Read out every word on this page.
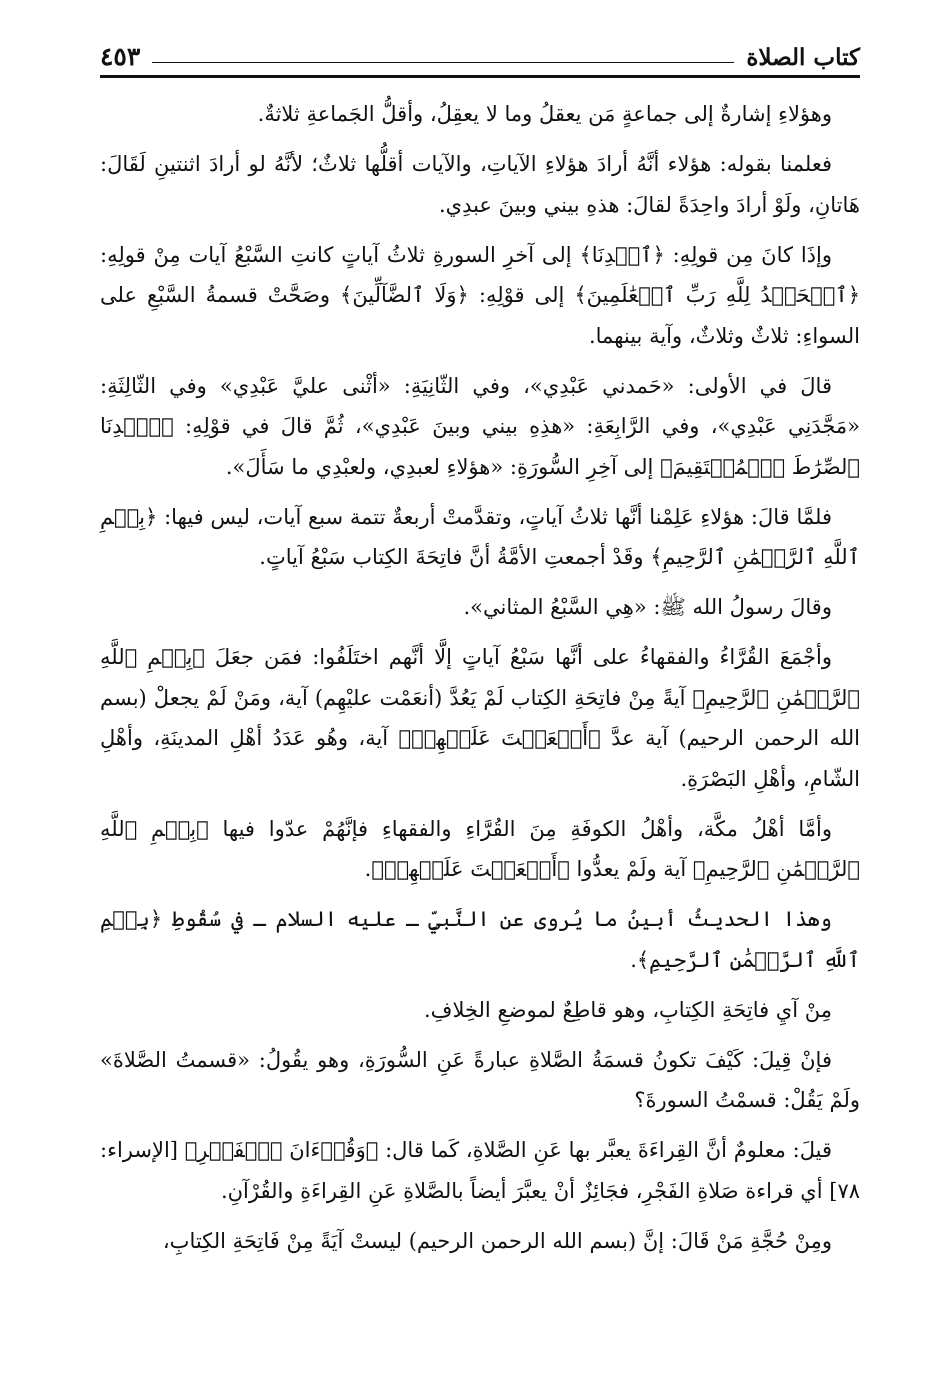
كتاب الصلاة
٤٥٣

وهؤلاءِ إشارةٌ إلى جماعةٍ مَن يعقلُ وما لا يعقِلُ، وأقلُّ الجَماعةِ ثلاثةٌ.

فعلمنا بقوله: هؤلاء أنَّهُ أرادَ هؤلاءِ الآياتِ، والآيات أقلُّها ثلاثٌ؛ لأنَّهُ لو أرادَ اثنتينِ لَقَالَ: هَاتانِ، ولَوْ أرادَ واحِدَةً لقالَ: هذهِ بيني وبينَ عبدِي.

وإذَا كانَ مِن قولِهِ: ﴿ٱهۡدِنَا﴾ إلى آخرِ السورةِ ثلاثُ آياتٍ كانتِ السَّبْعُ آيات مِنْ قولِهِ: ﴿ٱلۡحَمۡدُ لِلَّهِ رَبِّ ٱلۡعَٰلَمِينَ﴾ إلى قوْلِهِ: ﴿وَلَا ٱلضَّآلِّينَ﴾ وصَحَّتْ قسمةُ السَّبْعِ على السواءِ: ثلاثٌ وثلاثٌ، وآية بينهما.

قالَ في الأولى: «حَمدني عَبْدِي»، وفي الثّانِيَةِ: «أثْنى عليَّ عَبْدِي» وفي الثّالِثَةِ: «مَجَّدَنِي عَبْدِي»، وفي الرَّابِعَةِ: «هذِهِ بيني وبينَ عَبْدِي»، ثُمَّ قالَ في قوْلِهِ: ﴿ٱهۡدِنَا ٱلصِّرَٰطَ ٱلۡمُسۡتَقِيمَ﴾ إلى آخِرِ السُّورَةِ: «هؤلاءِ لعبدِي، ولعبْدِي ما سَأَلَ».

فلمَّا قالَ: هؤلاءِ عَلِمْنا أنَّها ثلاثُ آياتٍ، وتقدَّمتْ أربعةٌ تتمة سبع آيات، ليس فيها: ﴿بِسۡمِ ٱللَّهِ ٱلرَّحۡمَٰنِ ٱلرَّحِيمِ﴾ وقَدْ أجمعتِ الأمَّةُ أنَّ فاتِحَةَ الكِتاب سَبْعُ آياتٍ.

وقالَ رسولُ الله ﷺ: «هِي السَّبْعُ المثاني».

وأجْمَعَ القُرَّاءُ والفقهاءُ على أنَّها سَبْعُ آياتٍ إلَّا أنَّهم اختَلَفُوا: فمَن جعَلَ ﴿بِسۡمِ ٱللَّهِ ٱلرَّحۡمَٰنِ ٱلرَّحِيمِ﴾ آيةً مِنْ فاتِحَةِ الكِتاب لَمْ يَعُدَّ (أنعَمْت عليْهِم) آية، ومَنْ لَمْ يجعلْ (بسم الله الرحمن الرحيم) آية عدَّ ﴿أَنۡعَمۡتَ عَلَيۡهِمۡ﴾ آية، وهُو عَدَدُ أهْلِ المدينَةِ، وأهْلِ الشّامِ، وأهْلِ البَصْرَةِ.

وأمَّا أهْلُ مكَّة، وأهْلُ الكوفَةِ مِنَ القُرَّاءِ والفقهاءِ فإنَّهُمْ عدّوا فيها ﴿بِسۡمِ ٱللَّهِ ٱلرَّحۡمَٰنِ ٱلرَّحِيمِ﴾ آية ولَمْ يعدُّوا ﴿أَنۡعَمۡتَ عَلَيۡهِمۡ﴾.

وهذا الحديثُ أبينُ ما يُروى عن النَّبيِّ ـ عليه السلام ـ في سُقُوطِ ﴿بِسۡمِ ٱللَّهِ ٱلرَّحۡمَٰنِ ٱلرَّحِيمِ﴾.

مِنْ آيِ فاتِحَةِ الكِتابِ، وهو قاطِعٌ لموضعِ الخِلافِ.

فإنْ قِيلَ: كَيْفَ تكونُ قسمَةُ الصَّلاةِ عبارةً عَنِ السُّورَةِ، وهو يقُولُ: «قسمتُ الصَّلاةَ» ولَمْ يَقُلْ: قسمْتُ السورةَ؟

قيلَ: معلومٌ أنَّ القِراءَةَ يعبَّر بها عَنِ الصَّلاةِ، كَما قال: ﴿وَقُرۡءَانَ ٱلۡفَجۡرِ﴾ [الإسراء: ٧٨] أي قراءة صَلاةِ الفَجْرِ، فجَائِزٌ أنْ يعبَّرَ أيضاً بالصَّلاةِ عَنِ القِراءَةِ والقُرْآنِ.

ومِنْ حُجَّةِ مَنْ قَالَ: إنَّ (بسم الله الرحمن الرحيم) ليستْ آيَةً مِنْ فَاتِحَةِ الكِتابِ،
